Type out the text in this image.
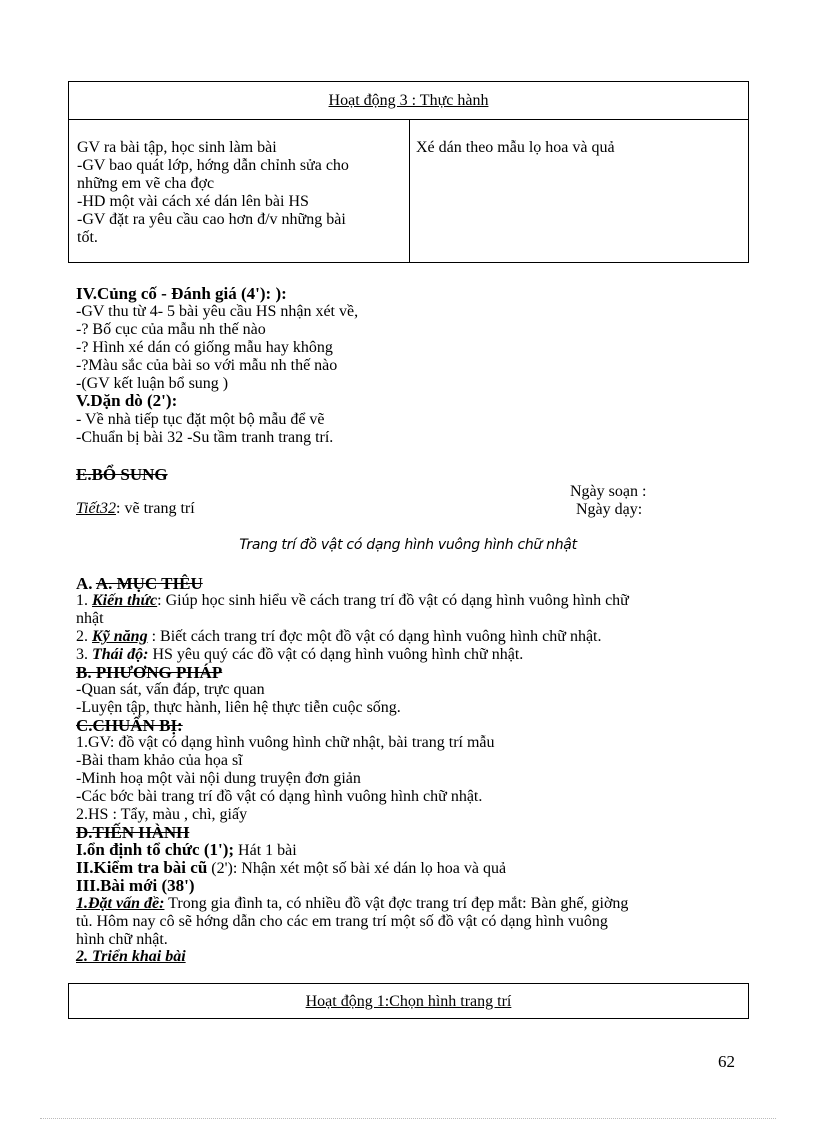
Hoạt động 3 : Thực hành
GV ra bài tập, học sinh làm bài
-GV bao quát lớp, hớng dẫn chỉnh sửa cho
những em vẽ cha đợc
-HD một vài cách xé dán lên bài HS
-GV đặt ra yêu cầu cao hơn đ/v những bài
tốt.
Xé dán theo mẫu lọ hoa và quả
IV.Củng cố - Đánh giá (4'): ):
-GV thu từ 4- 5 bài yêu cầu HS nhận xét về,
-? Bố cục của mẫu nh thế nào
-? Hình xé dán có giống mẫu hay không
-?Màu sắc của bài so với mẫu nh thế nào
-(GV kết luận bổ sung )
V.Dặn dò (2'):
- Về nhà tiếp tục đặt một bộ mẫu để vẽ
-Chuẩn bị bài 32 -Su tầm tranh trang trí.
E.BỔ SUNG
Tiết32: vẽ trang trí
Ngày soạn :
Ngày dạy:
Trang trí đồ vật có dạng hình vuông hình chữ nhật
A. A. MỤC TIÊU
1. Kiến thức: Giúp học sinh hiểu về cách trang trí đồ vật có dạng hình vuông hình chữ
nhật
2. Kỹ năng : Biết cách trang trí đợc một đồ vật có dạng hình vuông hình chữ nhật.
3. Thái độ: HS yêu quý các đồ vật có dạng hình vuông hình chữ nhật.
B. PHƯƠNG PHÁP
-Quan sát, vấn đáp, trực quan
-Luyện tập, thực hành, liên hệ thực tiễn cuộc sống.
C.CHUẨN BỊ:
1.GV: đồ vật có dạng hình vuông hình chữ nhật, bài trang trí mẫu
-Bài tham khảo của họa sĩ
-Minh hoạ một vài nội dung truyện đơn giản
-Các bớc bài trang trí đồ vật có dạng hình vuông hình chữ nhật.
2.HS : Tẩy, màu , chì, giấy
D.TIẾN HÀNH
I.ổn định tổ chức (1'); Hát 1 bài
II.Kiểm tra bài cũ (2'): Nhận xét một số bài xé dán lọ hoa và quả
III.Bài mới (38')
1.Đặt vấn đề: Trong gia đình ta, có nhiều đồ vật đợc trang trí đẹp mắt: Bàn ghế, giờng
tủ. Hôm nay cô sẽ hớng dẫn cho các em trang trí một số đồ vật có dạng hình vuông
hình chữ nhật.
2. Triển khai bài
Hoạt động 1:Chọn hình trang trí
62
